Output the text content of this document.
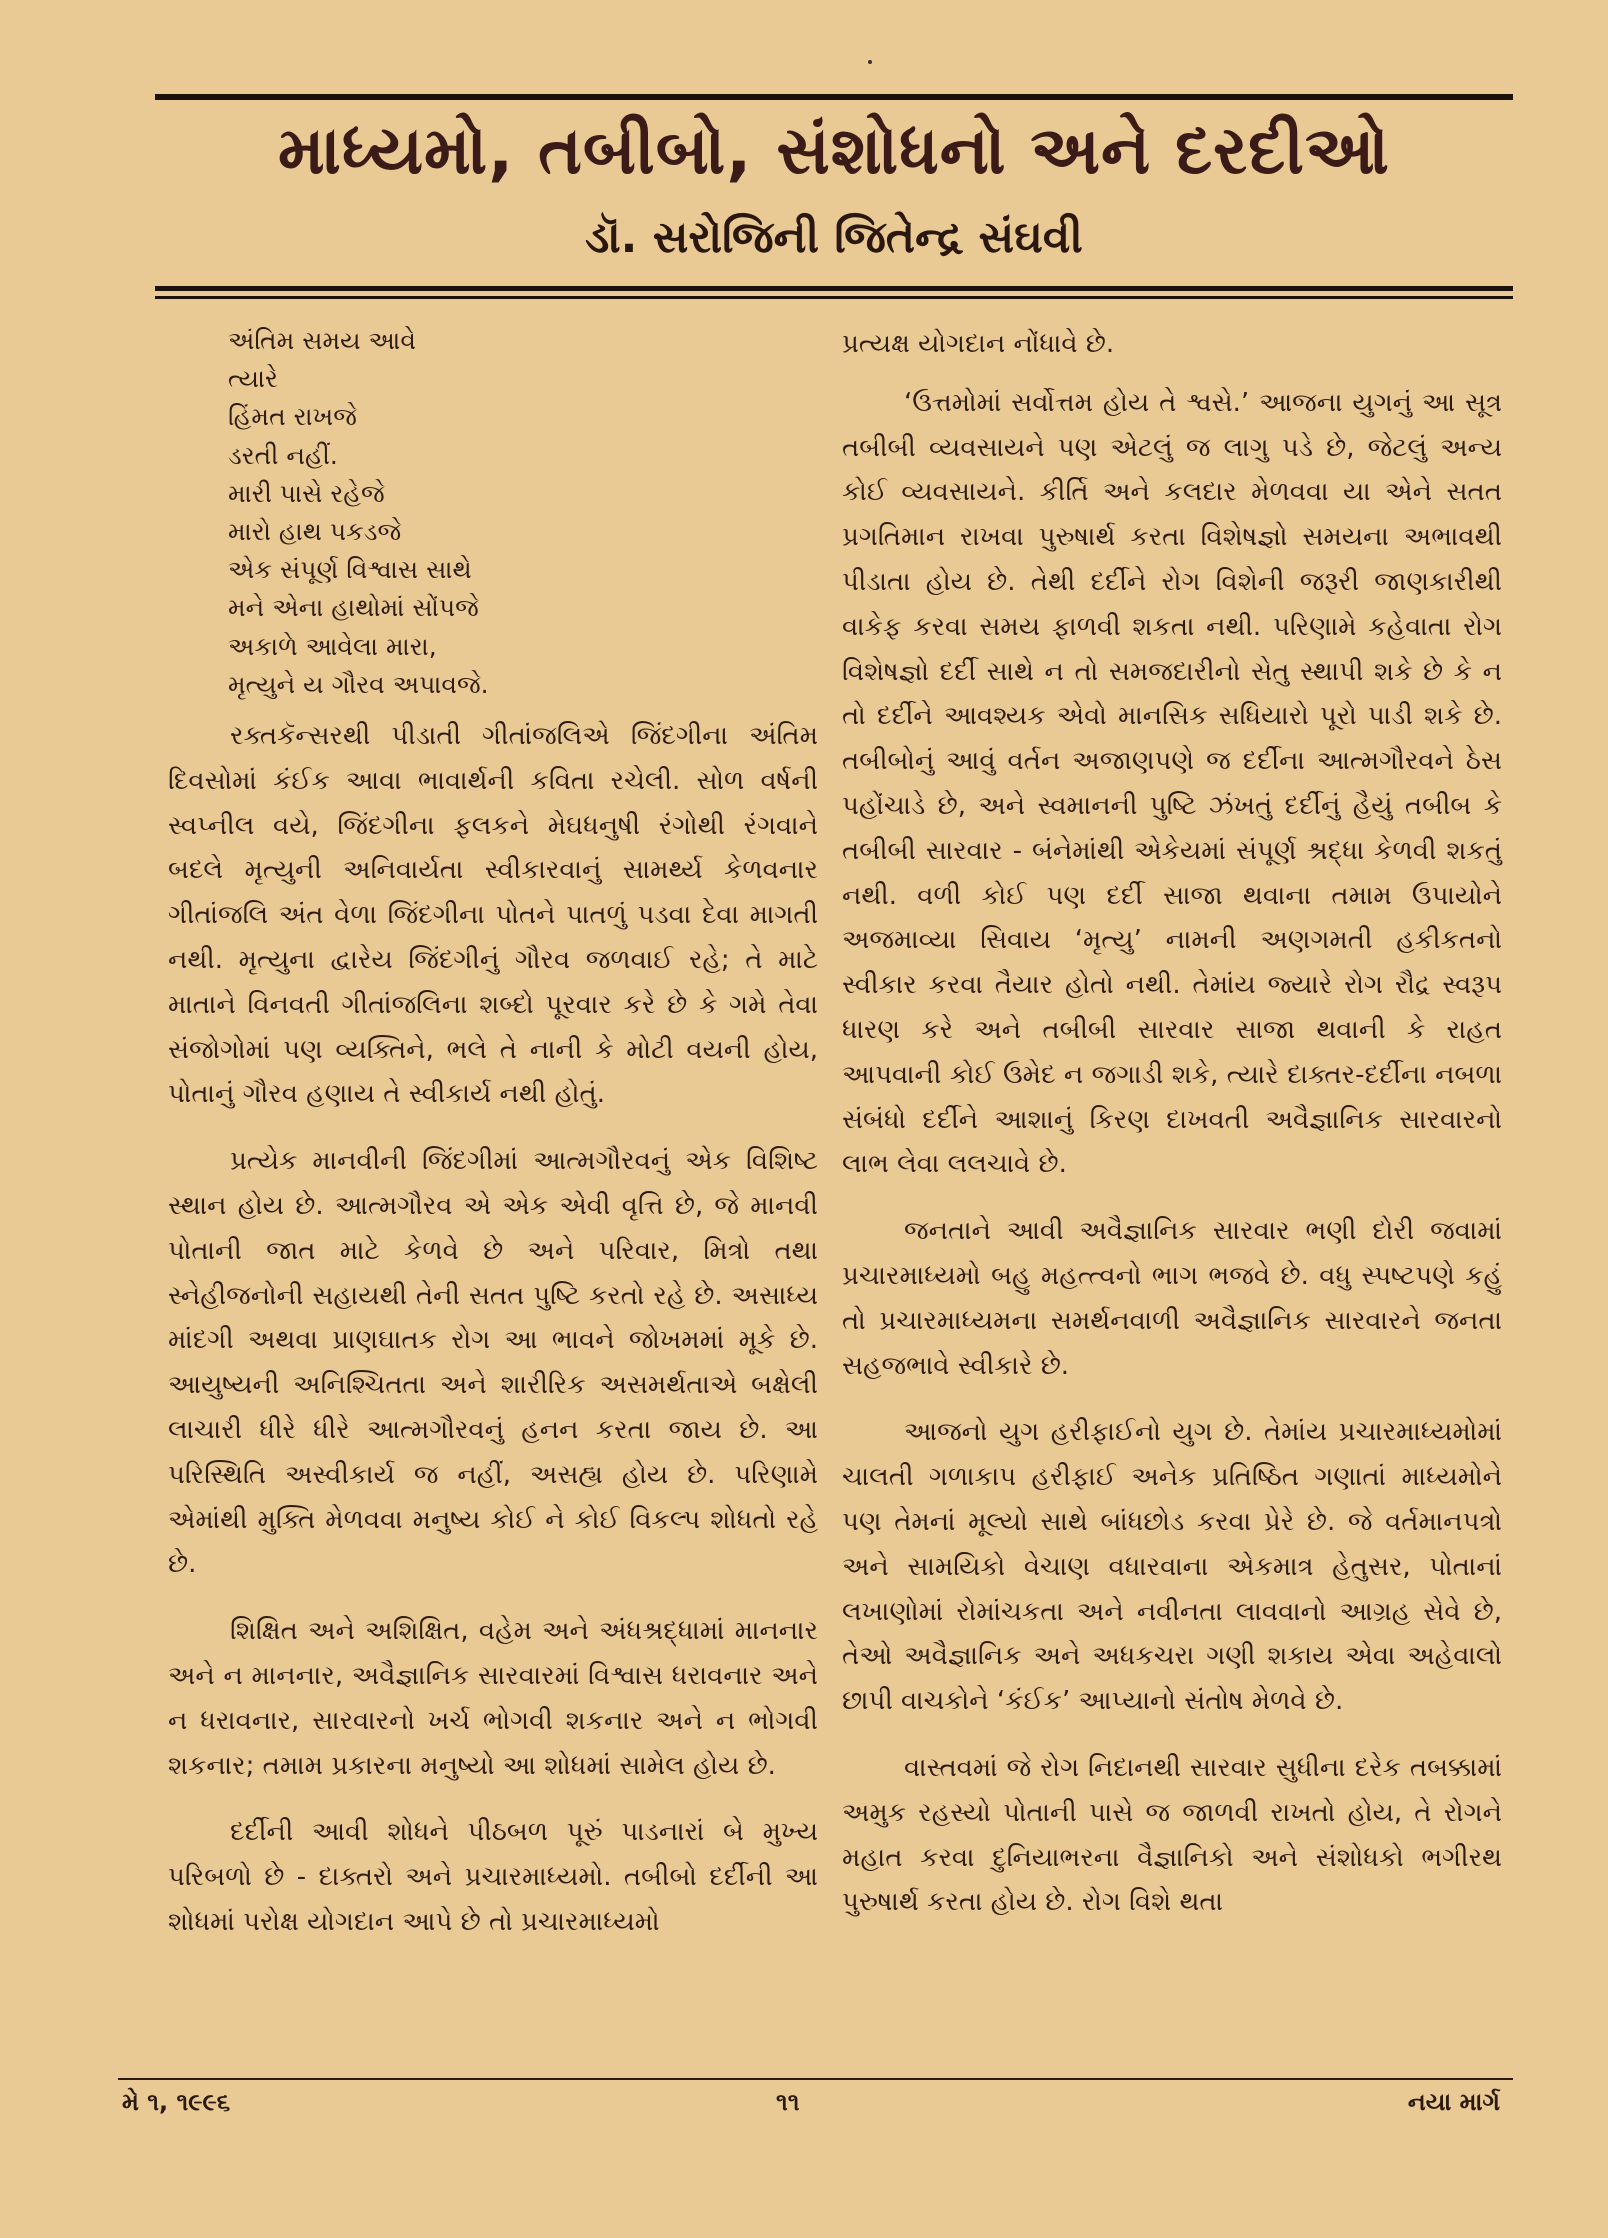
માધ્યમો, તબીબો, સંશોધનો અને દરદીઓ
ડૉ. સરોજિની જિતેન્દ્ર સંઘવી
અંતિમ સમય આવે
ત્યારે
હિંમત રાખજે
ડરતી નહીં.
મારી પાસે રહેજે
મારો હાથ પકડજે
એક સંપૂર્ણ વિશ્વાસ સાથે
મને એના હાથોમાં સોંપજે
અકાળે આવેલા મારા,
મૃત્યુને ય ગૌરવ અપાવજે.

રક્તકૅન્સરથી પીડાતી ગીતાંજલિએ જિંદગીના અંતિમ દિવસોમાં કંઈક આવા ભાવાર્થની કવિતા રચેલી. સોળ વર્ષની સ્વપ્નીલ વયે, જિંદગીના ફલકને મેઘધનુષી રંગોથી રંગવાને બદલે મૃત્યુની અનિવાર્યતા સ્વીકારવાનું સામર્થ્ય કેળવનાર ગીતાંજલિ અંત વેળા જિંદગીના પોતને પાતળું પડવા દેવા માગતી નથી. મૃત્યુના દ્વારેય જિંદગીનું ગૌરવ જળવાઈ રહે; તે માટે માતાને વિનવતી ગીતાંજલિના શબ્દો પૂરવાર કરે છે કે ગમે તેવા સંજોગોમાં પણ વ્યક્તિને, ભલે તે નાની કે મોટી વયની હોય, પોતાનું ગૌરવ હણાય તે સ્વીકાર્ય નથી હોતું.

પ્રત્યેક માનવીની જિંદગીમાં આત્મગૌરવનું એક વિશિષ્ટ સ્થાન હોય છે. આત્મગૌરવ એ એક એવી વૃત્તિ છે, જે માનવી પોતાની જાત માટે કેળવે છે અને પરિવાર, મિત્રો તથા સ્નેહીજનોની સહાયથી તેની સતત પુષ્ટિ કરતો રહે છે. અસાધ્ય માંદગી અથવા પ્રાણઘાતક રોગ આ ભાવને જોખમમાં મૂકે છે. આયુષ્યની અનિશ્ચિતતા અને શારીરિક અસમર્થતાએ બક્ષેલી લાચારી ધીરે ધીરે આત્મગૌરવનું હનન કરતા જાય છે. આ પરિસ્થિતિ અસ્વીકાર્ય જ નહીં, અસહ્ય હોય છે. પરિણામે એમાંથી મુક્તિ મેળવવા મનુષ્ય કોઈ ને કોઈ વિકલ્પ શોધતો રહે છે.

શિક્ષિત અને અશિક્ષિત, વહેમ અને અંધશ્રદ્ધામાં માનનાર અને ન માનનાર, અવૈજ્ઞાનિક સારવારમાં વિશ્વાસ ધરાવનાર અને ન ધરાવનાર, સારવારનો ખર્ચ ભોગવી શકનાર અને ન ભોગવી શકનાર; તમામ પ્રકારના મનુષ્યો આ શોધમાં સામેલ હોય છે.

દર્દીની આવી શોધને પીઠબળ પૂરું પાડનારાં બે મુખ્ય પરિબળો છે - દાક્તરો અને પ્રચારમાધ્યમો. તબીબો દર્દીની આ શોધમાં પરોક્ષ યોગદાન આપે છે તો પ્રચારમાધ્યમો

પ્રત્યક્ષ યોગદાન નોંધાવે છે.

‘ઉત્તમોમાં સર્વોત્તમ હોય તે શ્વસે.’ આજના યુગનું આ સૂત્ર તબીબી વ્યવસાયને પણ એટલું જ લાગુ પડે છે, જેટલું અન્ય કોઈ વ્યવસાયને. કીર્તિ અને કલદાર મેળવવા યા એને સતત પ્રગતિમાન રાખવા પુરુષાર્થ કરતા વિશેષજ્ઞો સમયના અભાવથી પીડાતા હોય છે. તેથી દર્દીને રોગ વિશેની જરૂરી જાણકારીથી વાકેફ કરવા સમય ફાળવી શકતા નથી. પરિણામે કહેવાતા રોગ વિશેષજ્ઞો દર્દી સાથે ન તો સમજદારીનો સેતુ સ્થાપી શકે છે કે ન તો દર્દીને આવશ્યક એવો માનસિક સધિયારો પૂરો પાડી શકે છે. તબીબોનું આવું વર્તન અજાણપણે જ દર્દીના આત્મગૌરવને ઠેસ પહોંચાડે છે, અને સ્વમાનની પુષ્ટિ ઝંખતું દર્દીનું હૈયું તબીબ કે તબીબી સારવાર - બંનેમાંથી એકેયમાં સંપૂર્ણ શ્રદ્ધા કેળવી શકતું નથી. વળી કોઈ પણ દર્દી સાજા થવાના તમામ ઉપાયોને અજમાવ્યા સિવાય ‘મૃત્યુ’ નામની અણગમતી હકીકતનો સ્વીકાર કરવા તૈયાર હોતો નથી. તેમાંય જ્યારે રોગ રૌદ્ર સ્વરૂપ ધારણ કરે અને તબીબી સારવાર સાજા થવાની કે રાહત આપવાની કોઈ ઉમેદ ન જગાડી શકે, ત્યારે દાક્તર-દર્દીના નબળા સંબંધો દર્દીને આશાનું કિરણ દાખવતી અવૈજ્ઞાનિક સારવારનો લાભ લેવા લલચાવે છે.

જનતાને આવી અવૈજ્ઞાનિક સારવાર ભણી દોરી જવામાં પ્રચારમાધ્યમો બહુ મહત્ત્વનો ભાગ ભજવે છે. વધુ સ્પષ્ટપણે કહું તો પ્રચારમાધ્યમના સમર્થનવાળી અવૈજ્ઞાનિક સારવારને જનતા સહજભાવે સ્વીકારે છે.

આજનો યુગ હરીફાઈનો યુગ છે. તેમાંય પ્રચારમાધ્યમોમાં ચાલતી ગળાકાપ હરીફાઈ અનેક પ્રતિષ્ઠિત ગણાતાં માધ્યમોને પણ તેમનાં મૂલ્યો સાથે બાંધછોડ કરવા પ્રેરે છે. જે વર્તમાનપત્રો અને સામયિકો વેચાણ વધારવાના એકમાત્ર હેતુસર, પોતાનાં લખાણોમાં રોમાંચકતા અને નવીનતા લાવવાનો આગ્રહ સેવે છે, તેઓ અવૈજ્ઞાનિક અને અધકચરા ગણી શકાય એવા અહેવાલો છાપી વાચકોને ‘કંઈક’ આપ્યાનો સંતોષ મેળવે છે.

વાસ્તવમાં જે રોગ નિદાનથી સારવાર સુધીના દરેક તબક્કામાં અમુક રહસ્યો પોતાની પાસે જ જાળવી રાખતો હોય, તે રોગને મહાત કરવા દુનિયાભરના વૈજ્ઞાનિકો અને સંશોધકો ભગીરથ પુરુષાર્થ કરતા હોય છે. રોગ વિશે થતા

મે ૧, ૧૯૯૬	૧૧	નયા માર્ગ
